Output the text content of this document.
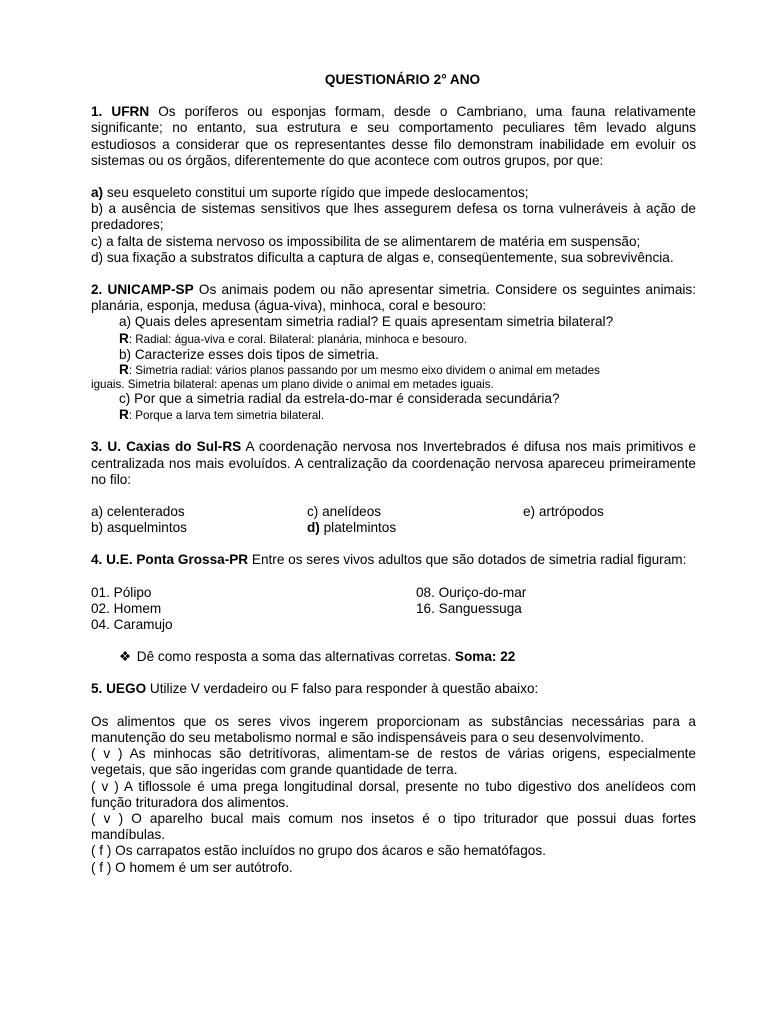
QUESTIONÁRIO 2° ANO
1. UFRN Os poríferos ou esponjas formam, desde o Cambriano, uma fauna relativamente significante; no entanto, sua estrutura e seu comportamento peculiares têm levado alguns estudiosos a considerar que os representantes desse filo demonstram inabilidade em evoluir os sistemas ou os órgãos, diferentemente do que acontece com outros grupos, por que:
a) seu esqueleto constitui um suporte rígido que impede deslocamentos;
b) a ausência de sistemas sensitivos que lhes assegurem defesa os torna vulneráveis à ação de predadores;
c) a falta de sistema nervoso os impossibilita de se alimentarem de matéria em suspensão;
d) sua fixação a substratos dificulta a captura de algas e, conseqüentemente, sua sobrevivência.
2. UNICAMP-SP Os animais podem ou não apresentar simetria. Considere os seguintes animais: planária, esponja, medusa (água-viva), minhoca, coral e besouro:
a) Quais deles apresentam simetria radial? E quais apresentam simetria bilateral?
R: Radial: água-viva e coral. Bilateral: planária, minhoca e besouro.
b) Caracterize esses dois tipos de simetria.
R: Simetria radial: vários planos passando por um mesmo eixo dividem o animal em metades
iguais. Simetria bilateral: apenas um plano divide o animal em metades iguais.
c) Por que a simetria radial da estrela-do-mar é considerada secundária?
R: Porque a larva tem simetria bilateral.
3. U. Caxias do Sul-RS A coordenação nervosa nos Invertebrados é difusa nos mais primitivos e centralizada nos mais evoluídos. A centralização da coordenação nervosa apareceu primeiramente no filo:
a) celenterados	c) anelídeos	e) artrópodos
b) asquelmintos	d) platelmintos
4. U.E. Ponta Grossa-PR Entre os seres vivos adultos que são dotados de simetria radial figuram:
01. Pólipo	08. Ouriço-do-mar
02. Homem	16. Sanguessuga
04. Caramujo
❖ Dê como resposta a soma das alternativas corretas. Soma: 22
5. UEGO Utilize V verdadeiro ou F falso para responder à questão abaixo:
Os alimentos que os seres vivos ingerem proporcionam as substâncias necessárias para a manutenção do seu metabolismo normal e são indispensáveis para o seu desenvolvimento.
( v ) As minhocas são detritívoras, alimentam-se de restos de várias origens, especialmente vegetais, que são ingeridas com grande quantidade de terra.
( v ) A tiflossole é uma prega longitudinal dorsal, presente no tubo digestivo dos anelídeos com função trituradora dos alimentos.
( v ) O aparelho bucal mais comum nos insetos é o tipo triturador que possui duas fortes mandíbulas.
( f ) Os carrapatos estão incluídos no grupo dos ácaros e são hematófagos.
( f ) O homem é um ser autótrofo.
